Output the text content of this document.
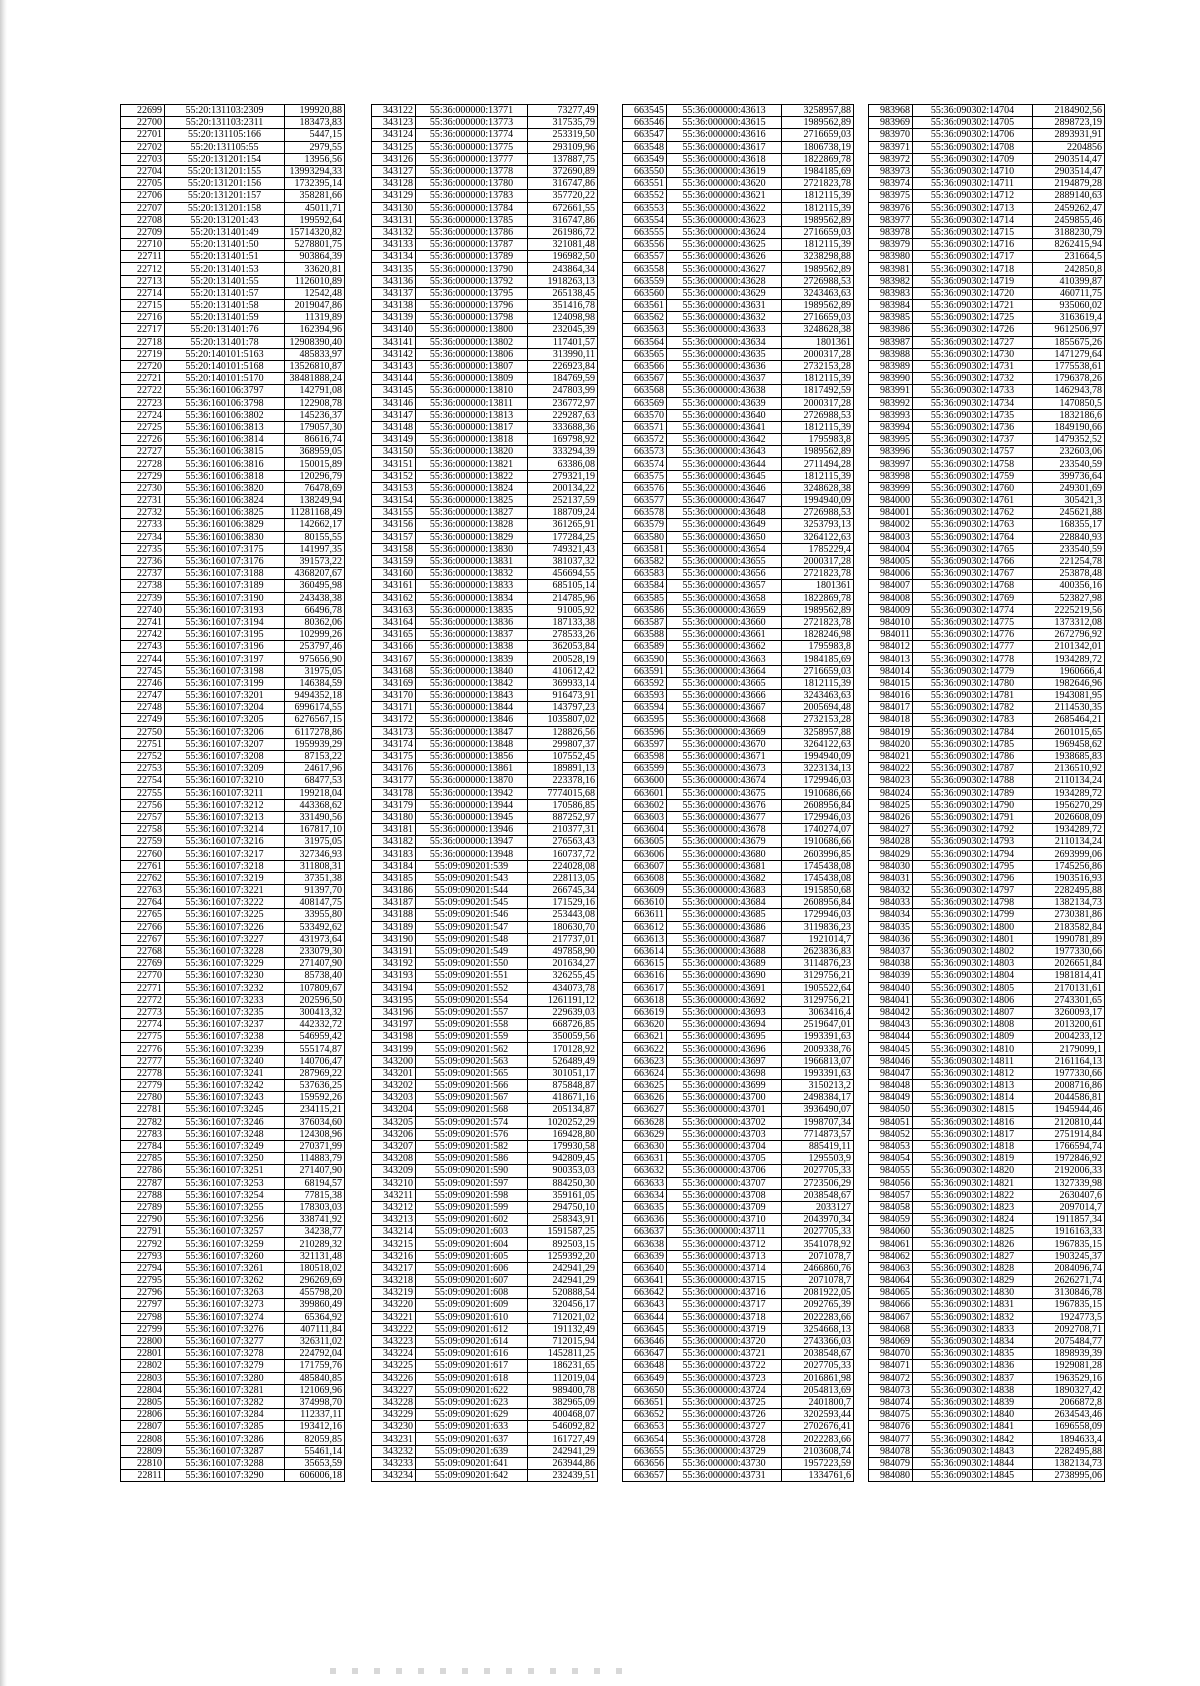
22699	55:20:131103:2309	199920,88
22700	55:20:131103:2311	183473,83
22701	55:20:131105:166	5447,15
22702	55:20:131105:55	2979,55
22703	55:20:131201:154	13956,56
22704	55:20:131201:155	13993294,33
22705	55:20:131201:156	1732395,14
22706	55:20:131201:157	358281,66
22707	55:20:131201:158	45011,71
22708	55:20:131201:43	199592,64
22709	55:20:131401:49	15714320,82
22710	55:20:131401:50	5278801,75
22711	55:20:131401:51	903864,39
22712	55:20:131401:53	33620,81
22713	55:20:131401:55	1126010,89
22714	55:20:131401:57	12542,48
22715	55:20:131401:58	2019047,86
22716	55:20:131401:59	11319,89
22717	55:20:131401:76	162394,96
22718	55:20:131401:78	12908390,40
22719	55:20:140101:5163	485833,97
22720	55:20:140101:5168	13526810,87
22721	55:20:140101:5170	38481888,24
22722	55:36:160106:3797	142791,08
22723	55:36:160106:3798	122908,78
22724	55:36:160106:3802	145236,37
22725	55:36:160106:3813	179057,30
22726	55:36:160106:3814	86616,74
22727	55:36:160106:3815	368959,05
22728	55:36:160106:3816	150015,89
22729	55:36:160106:3818	120296,79
22730	55:36:160106:3820	76478,69
22731	55:36:160106:3824	138249,94
22732	55:36:160106:3825	11281168,49
22733	55:36:160106:3829	142662,17
22734	55:36:160106:3830	80155,55
22735	55:36:160107:3175	141997,35
22736	55:36:160107:3176	391573,22
22737	55:36:160107:3188	4368207,67
22738	55:36:160107:3189	360495,98
22739	55:36:160107:3190	243438,38
22740	55:36:160107:3193	66496,78
22741	55:36:160107:3194	80362,06
22742	55:36:160107:3195	102999,26
22743	55:36:160107:3196	253797,46
22744	55:36:160107:3197	975656,90
22745	55:36:160107:3198	31975,05
22746	55:36:160107:3199	146384,59
22747	55:36:160107:3201	9494352,18
22748	55:36:160107:3204	6996174,55
22749	55:36:160107:3205	6276567,15
22750	55:36:160107:3206	6117278,86
22751	55:36:160107:3207	1959939,29
22752	55:36:160107:3208	87153,22
22753	55:36:160107:3209	24617,96
22754	55:36:160107:3210	68477,53
22755	55:36:160107:3211	199218,04
22756	55:36:160107:3212	443368,62
22757	55:36:160107:3213	331490,56
22758	55:36:160107:3214	167817,10
22759	55:36:160107:3216	31975,05
22760	55:36:160107:3217	327346,93
22761	55:36:160107:3218	311808,31
22762	55:36:160107:3219	37351,38
22763	55:36:160107:3221	91397,70
22764	55:36:160107:3222	408147,75
22765	55:36:160107:3225	33955,80
22766	55:36:160107:3226	533492,62
22767	55:36:160107:3227	431973,64
22768	55:36:160107:3228	233079,30
22769	55:36:160107:3229	271407,90
22770	55:36:160107:3230	85738,40
22771	55:36:160107:3232	107809,67
22772	55:36:160107:3233	202596,50
22773	55:36:160107:3235	300413,32
22774	55:36:160107:3237	442332,72
22775	55:36:160107:3238	546959,42
22776	55:36:160107:3239	555174,87
22777	55:36:160107:3240	140706,47
22778	55:36:160107:3241	287969,22
22779	55:36:160107:3242	537636,25
22780	55:36:160107:3243	159592,26
22781	55:36:160107:3245	234115,21
22782	55:36:160107:3246	376034,60
22783	55:36:160107:3248	124308,96
22784	55:36:160107:3249	270371,99
22785	55:36:160107:3250	114883,79
22786	55:36:160107:3251	271407,90
22787	55:36:160107:3253	68194,57
22788	55:36:160107:3254	77815,38
22789	55:36:160107:3255	178303,03
22790	55:36:160107:3256	338741,92
22791	55:36:160107:3257	34238,77
22792	55:36:160107:3259	210289,32
22793	55:36:160107:3260	321131,48
22794	55:36:160107:3261	180518,02
22795	55:36:160107:3262	296269,69
22796	55:36:160107:3263	455798,20
22797	55:36:160107:3273	399860,49
22798	55:36:160107:3274	65364,92
22799	55:36:160107:3276	407111,84
22800	55:36:160107:3277	326311,02
22801	55:36:160107:3278	224792,04
22802	55:36:160107:3279	171759,76
22803	55:36:160107:3280	485840,85
22804	55:36:160107:3281	121069,96
22805	55:36:160107:3282	374998,70
22806	55:36:160107:3284	112337,11
22807	55:36:160107:3285	193412,16
22808	55:36:160107:3286	82059,85
22809	55:36:160107:3287	55461,14
22810	55:36:160107:3288	35653,59
22811	55:36:160107:3290	606006,18
343122	55:36:000000:13771	73277,49
343123	55:36:000000:13773	317535,79
343124	55:36:000000:13774	253319,50
343125	55:36:000000:13775	293109,96
343126	55:36:000000:13777	137887,75
343127	55:36:000000:13778	372690,89
343128	55:36:000000:13780	316747,86
343129	55:36:000000:13783	357720,22
343130	55:36:000000:13784	672661,55
343131	55:36:000000:13785	316747,86
343132	55:36:000000:13786	261986,72
343133	55:36:000000:13787	321081,48
343134	55:36:000000:13789	196982,50
343135	55:36:000000:13790	243864,34
343136	55:36:000000:13792	1918263,13
343137	55:36:000000:13795	265138,45
343138	55:36:000000:13796	351416,78
343139	55:36:000000:13798	124098,98
343140	55:36:000000:13800	232045,39
343141	55:36:000000:13802	117401,57
343142	55:36:000000:13806	313990,11
343143	55:36:000000:13807	226923,84
343144	55:36:000000:13809	184769,59
343145	55:36:000000:13810	247803,99
343146	55:36:000000:13811	236772,97
343147	55:36:000000:13813	229287,63
343148	55:36:000000:13817	333688,36
343149	55:36:000000:13818	169798,92
343150	55:36:000000:13820	333294,39
343151	55:36:000000:13821	63386,08
343152	55:36:000000:13822	279321,19
343153	55:36:000000:13824	200134,22
343154	55:36:000000:13825	252137,59
343155	55:36:000000:13827	188709,24
343156	55:36:000000:13828	361265,91
343157	55:36:000000:13829	177284,25
343158	55:36:000000:13830	749321,43
343159	55:36:000000:13831	381037,32
343160	55:36:000000:13832	456694,55
343161	55:36:000000:13833	685105,14
343162	55:36:000000:13834	214785,96
343163	55:36:000000:13835	91005,92
343164	55:36:000000:13836	187133,38
343165	55:36:000000:13837	278533,26
343166	55:36:000000:13838	362053,84
343167	55:36:000000:13839	200528,19
343168	55:36:000000:13840	410612,42
343169	55:36:000000:13842	369933,14
343170	55:36:000000:13843	916473,91
343171	55:36:000000:13844	143797,23
343172	55:36:000000:13846	1035807,02
343173	55:36:000000:13847	128826,56
343174	55:36:000000:13848	299807,37
343175	55:36:000000:13856	107552,45
343176	55:36:000000:13861	189891,13
343177	55:36:000000:13870	223378,16
343178	55:36:000000:13942	7774015,68
343179	55:36:000000:13944	170586,85
343180	55:36:000000:13945	887252,97
343181	55:36:000000:13946	210377,31
343182	55:36:000000:13947	276563,43
343183	55:36:000000:13948	160737,72
343184	55:09:090201:539	224028,08
343185	55:09:090201:543	228113,05
343186	55:09:090201:544	266745,34
343187	55:09:090201:545	171529,16
343188	55:09:090201:546	253443,08
343189	55:09:090201:547	180630,70
343190	55:09:090201:548	217737,01
343191	55:09:090201:549	497858,90
343192	55:09:090201:550	201634,27
343193	55:09:090201:551	326255,45
343194	55:09:090201:552	434073,78
343195	55:09:090201:554	1261191,12
343196	55:09:090201:557	229639,03
343197	55:09:090201:558	668726,85
343198	55:09:090201:559	350059,56
343199	55:09:090201:562	170128,92
343200	55:09:090201:563	526489,49
343201	55:09:090201:565	301051,17
343202	55:09:090201:566	875848,87
343203	55:09:090201:567	418671,16
343204	55:09:090201:568	205134,87
343205	55:09:090201:574	1020252,29
343206	55:09:090201:576	169428,80
343207	55:09:090201:582	179930,58
343208	55:09:090201:586	942809,45
343209	55:09:090201:590	900353,03
343210	55:09:090201:597	884250,30
343211	55:09:090201:598	359161,05
343212	55:09:090201:599	294750,10
343213	55:09:090201:602	258343,91
343214	55:09:090201:603	1591587,25
343215	55:09:090201:604	892503,15
343216	55:09:090201:605	1259392,20
343217	55:09:090201:606	242941,29
343218	55:09:090201:607	242941,29
343219	55:09:090201:608	520888,54
343220	55:09:090201:609	320456,17
343221	55:09:090201:610	712021,02
343222	55:09:090201:612	191132,49
343223	55:09:090201:614	712015,94
343224	55:09:090201:616	1452811,25
343225	55:09:090201:617	186231,65
343226	55:09:090201:618	112019,04
343227	55:09:090201:622	989400,78
343228	55:09:090201:623	382965,09
343229	55:09:090201:629	400468,07
343230	55:09:090201:633	546092,82
343231	55:09:090201:637	161727,49
343232	55:09:090201:639	242941,29
343233	55:09:090201:641	263944,86
343234	55:09:090201:642	232439,51
663545	55:36:000000:43613	3258957,88
663546	55:36:000000:43615	1989562,89
663547	55:36:000000:43616	2716659,03
663548	55:36:000000:43617	1806738,19
663549	55:36:000000:43618	1822869,78
663550	55:36:000000:43619	1984185,69
663551	55:36:000000:43620	2721823,78
663552	55:36:000000:43621	1812115,39
663553	55:36:000000:43622	1812115,39
663554	55:36:000000:43623	1989562,89
663555	55:36:000000:43624	2716659,03
663556	55:36:000000:43625	1812115,39
663557	55:36:000000:43626	3238298,88
663558	55:36:000000:43627	1989562,89
663559	55:36:000000:43628	2726988,53
663560	55:36:000000:43629	3243463,63
663561	55:36:000000:43631	1989562,89
663562	55:36:000000:43632	2716659,03
663563	55:36:000000:43633	3248628,38
663564	55:36:000000:43634	1801361
663565	55:36:000000:43635	2000317,28
663566	55:36:000000:43636	2732153,28
663567	55:36:000000:43637	1812115,39
663568	55:36:000000:43638	1817492,59
663569	55:36:000000:43639	2000317,28
663570	55:36:000000:43640	2726988,53
663571	55:36:000000:43641	1812115,39
663572	55:36:000000:43642	1795983,8
663573	55:36:000000:43643	1989562,89
663574	55:36:000000:43644	2711494,28
663575	55:36:000000:43645	1812115,39
663576	55:36:000000:43646	3248628,38
663577	55:36:000000:43647	1994940,09
663578	55:36:000000:43648	2726988,53
663579	55:36:000000:43649	3253793,13
663580	55:36:000000:43650	3264122,63
663581	55:36:000000:43654	1785229,4
663582	55:36:000000:43655	2000317,28
663583	55:36:000000:43656	2721823,78
663584	55:36:000000:43657	1801361
663585	55:36:000000:43658	1822869,78
663586	55:36:000000:43659	1989562,89
663587	55:36:000000:43660	2721823,78
663588	55:36:000000:43661	1828246,98
663589	55:36:000000:43662	1795983,8
663590	55:36:000000:43663	1984185,69
663591	55:36:000000:43664	2716659,03
663592	55:36:000000:43665	1812115,39
663593	55:36:000000:43666	3243463,63
663594	55:36:000000:43667	2005694,48
663595	55:36:000000:43668	2732153,28
663596	55:36:000000:43669	3258957,88
663597	55:36:000000:43670	3264122,63
663598	55:36:000000:43671	1994940,09
663599	55:36:000000:43673	3223134,13
663600	55:36:000000:43674	1729946,03
663601	55:36:000000:43675	1910686,66
663602	55:36:000000:43676	2608956,84
663603	55:36:000000:43677	1729946,03
663604	55:36:000000:43678	1740274,07
663605	55:36:000000:43679	1910686,66
663606	55:36:000000:43680	2603996,85
663607	55:36:000000:43681	1745438,08
663608	55:36:000000:43682	1745438,08
663609	55:36:000000:43683	1915850,68
663610	55:36:000000:43684	2608956,84
663611	55:36:000000:43685	1729946,03
663612	55:36:000000:43686	3119836,23
663613	55:36:000000:43687	1921014,7
663614	55:36:000000:43688	2623836,83
663615	55:36:000000:43689	3114876,23
663616	55:36:000000:43690	3129756,21
663617	55:36:000000:43691	1905522,64
663618	55:36:000000:43692	3129756,21
663619	55:36:000000:43693	3063416,4
663620	55:36:000000:43694	2519647,01
663621	55:36:000000:43695	1993391,63
663622	55:36:000000:43696	2009338,76
663623	55:36:000000:43697	1966813,07
663624	55:36:000000:43698	1993391,63
663625	55:36:000000:43699	3150213,2
663626	55:36:000000:43700	2498384,17
663627	55:36:000000:43701	3936490,07
663628	55:36:000000:43702	1998707,34
663629	55:36:000000:43703	7714873,57
663630	55:36:000000:43704	885419,11
663631	55:36:000000:43705	1295503,9
663632	55:36:000000:43706	2027705,33
663633	55:36:000000:43707	2723506,29
663634	55:36:000000:43708	2038548,67
663635	55:36:000000:43709	2033127
663636	55:36:000000:43710	2043970,34
663637	55:36:000000:43711	2027705,33
663638	55:36:000000:43712	3541078,92
663639	55:36:000000:43713	2071078,7
663640	55:36:000000:43714	2466860,76
663641	55:36:000000:43715	2071078,7
663642	55:36:000000:43716	2081922,05
663643	55:36:000000:43717	2092765,39
663644	55:36:000000:43718	2022283,66
663645	55:36:000000:43719	3254668,13
663646	55:36:000000:43720	2743366,03
663647	55:36:000000:43721	2038548,67
663648	55:36:000000:43722	2027705,33
663649	55:36:000000:43723	2016861,98
663650	55:36:000000:43724	2054813,69
663651	55:36:000000:43725	2401800,7
663652	55:36:000000:43726	3202593,44
663653	55:36:000000:43727	2702676,41
663654	55:36:000000:43728	2022283,66
663655	55:36:000000:43729	2103608,74
663656	55:36:000000:43730	1957223,59
663657	55:36:000000:43731	1334761,6
983968	55:36:090302:14704	2184902,56
983969	55:36:090302:14705	2898723,19
983970	55:36:090302:14706	2893931,91
983971	55:36:090302:14708	2204856
983972	55:36:090302:14709	2903514,47
983973	55:36:090302:14710	2903514,47
983974	55:36:090302:14711	2194879,28
983975	55:36:090302:14712	2889140,63
983976	55:36:090302:14713	2459262,47
983977	55:36:090302:14714	2459855,46
983978	55:36:090302:14715	3188230,79
983979	55:36:090302:14716	8262415,94
983980	55:36:090302:14717	231664,5
983981	55:36:090302:14718	242850,8
983982	55:36:090302:14719	410399,87
983983	55:36:090302:14720	460711,75
983984	55:36:090302:14721	935060,02
983985	55:36:090302:14725	3163619,4
983986	55:36:090302:14726	9612506,97
983987	55:36:090302:14727	1855675,26
983988	55:36:090302:14730	1471279,64
983989	55:36:090302:14731	1775538,61
983990	55:36:090302:14732	1796378,26
983991	55:36:090302:14733	1462943,78
983992	55:36:090302:14734	1470850,5
983993	55:36:090302:14735	1832186,6
983994	55:36:090302:14736	1849190,66
983995	55:36:090302:14737	1479352,52
983996	55:36:090302:14757	232603,06
983997	55:36:090302:14758	233540,59
983998	55:36:090302:14759	399736,64
983999	55:36:090302:14760	249301,69
984000	55:36:090302:14761	305421,3
984001	55:36:090302:14762	245621,88
984002	55:36:090302:14763	168355,17
984003	55:36:090302:14764	228840,93
984004	55:36:090302:14765	233540,59
984005	55:36:090302:14766	221254,78
984006	55:36:090302:14767	253878,48
984007	55:36:090302:14768	400356,16
984008	55:36:090302:14769	523827,98
984009	55:36:090302:14774	2225219,56
984010	55:36:090302:14775	1373312,08
984011	55:36:090302:14776	2672796,92
984012	55:36:090302:14777	2101342,01
984013	55:36:090302:14778	1934289,72
984014	55:36:090302:14779	1960666,4
984015	55:36:090302:14780	1982646,96
984016	55:36:090302:14781	1943081,95
984017	55:36:090302:14782	2114530,35
984018	55:36:090302:14783	2685464,21
984019	55:36:090302:14784	2601015,65
984020	55:36:090302:14785	1969458,62
984021	55:36:090302:14786	1938685,83
984022	55:36:090302:14787	2136510,92
984023	55:36:090302:14788	2110134,24
984024	55:36:090302:14789	1934289,72
984025	55:36:090302:14790	1956270,29
984026	55:36:090302:14791	2026608,09
984027	55:36:090302:14792	1934289,72
984028	55:36:090302:14793	2110134,24
984029	55:36:090302:14794	2693999,06
984030	55:36:090302:14795	1745256,86
984031	55:36:090302:14796	1903516,93
984032	55:36:090302:14797	2282495,88
984033	55:36:090302:14798	1382134,73
984034	55:36:090302:14799	2730381,86
984035	55:36:090302:14800	2183582,84
984036	55:36:090302:14801	1990781,89
984037	55:36:090302:14802	1977330,66
984038	55:36:090302:14803	2026651,84
984039	55:36:090302:14804	1981814,41
984040	55:36:090302:14805	2170131,61
984041	55:36:090302:14806	2743301,65
984042	55:36:090302:14807	3260093,17
984043	55:36:090302:14808	2013200,61
984044	55:36:090302:14809	2004233,12
984045	55:36:090302:14810	2179099,1
984046	55:36:090302:14811	2161164,13
984047	55:36:090302:14812	1977330,66
984048	55:36:090302:14813	2008716,86
984049	55:36:090302:14814	2044586,81
984050	55:36:090302:14815	1945944,46
984051	55:36:090302:14816	2120810,44
984052	55:36:090302:14817	2751914,84
984053	55:36:090302:14818	1766594,74
984054	55:36:090302:14819	1972846,92
984055	55:36:090302:14820	2192006,33
984056	55:36:090302:14821	1327339,98
984057	55:36:090302:14822	2630407,6
984058	55:36:090302:14823	2097014,7
984059	55:36:090302:14824	1911857,34
984060	55:36:090302:14825	1916163,33
984061	55:36:090302:14826	1967835,15
984062	55:36:090302:14827	1903245,37
984063	55:36:090302:14828	2084096,74
984064	55:36:090302:14829	2626271,74
984065	55:36:090302:14830	3130846,78
984066	55:36:090302:14831	1967835,15
984067	55:36:090302:14832	1924773,5
984068	55:36:090302:14833	2092708,71
984069	55:36:090302:14834	2075484,77
984070	55:36:090302:14835	1898939,39
984071	55:36:090302:14836	1929081,28
984072	55:36:090302:14837	1963529,16
984073	55:36:090302:14838	1890327,42
984074	55:36:090302:14839	2066872,8
984075	55:36:090302:14840	2634543,46
984076	55:36:090302:14841	1696558,09
984077	55:36:090302:14842	1894633,4
984078	55:36:090302:14843	2282495,88
984079	55:36:090302:14844	1382134,73
984080	55:36:090302:14845	2738995,06
